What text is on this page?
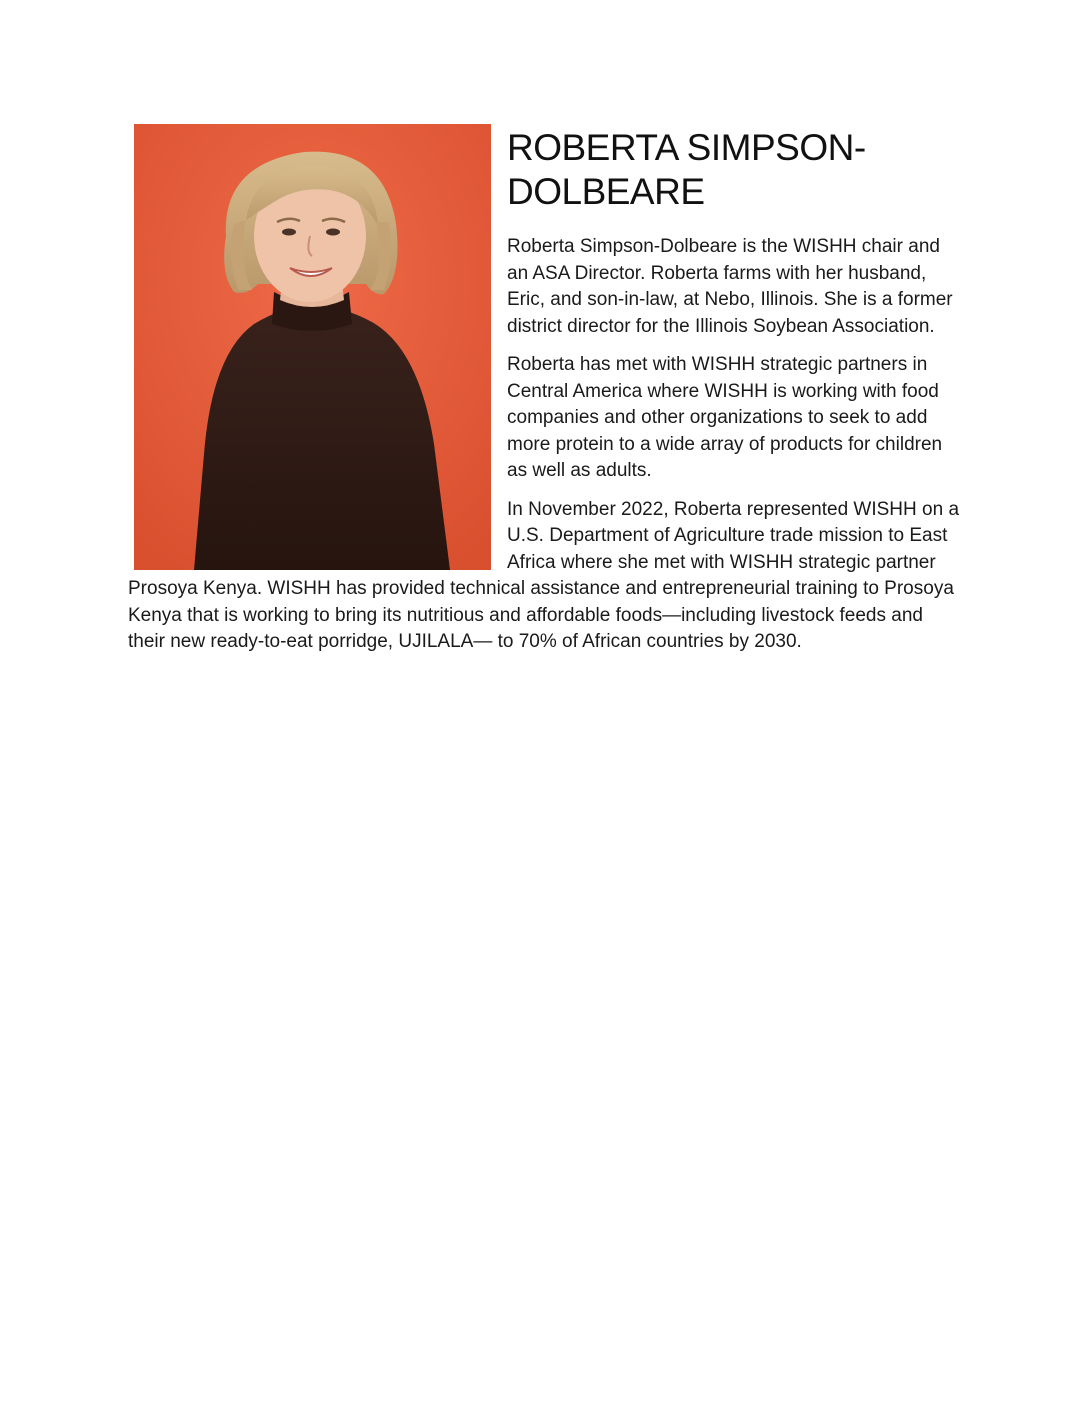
ROBERTA SIMPSON-
DOLBEARE

Roberta Simpson-Dolbeare is the WISHH chair and an ASA Director. Roberta farms with her husband, Eric, and son-in-law, at Nebo, Illinois. She is a former district director for the Illinois Soybean Association.

Roberta has met with WISHH strategic partners in Central America where WISHH is working with food companies and other organizations to seek to add more protein to a wide array of products for children as well as adults.

In November 2022, Roberta represented WISHH on a U.S. Department of Agriculture trade mission to East Africa where she met with WISHH strategic partner Prosoya Kenya. WISHH has provided technical assistance and entrepreneurial training to Prosoya Kenya that is working to bring its nutritious and affordable foods—including livestock feeds and their new ready-to-eat porridge, UJILALA— to 70% of African countries by 2030.
